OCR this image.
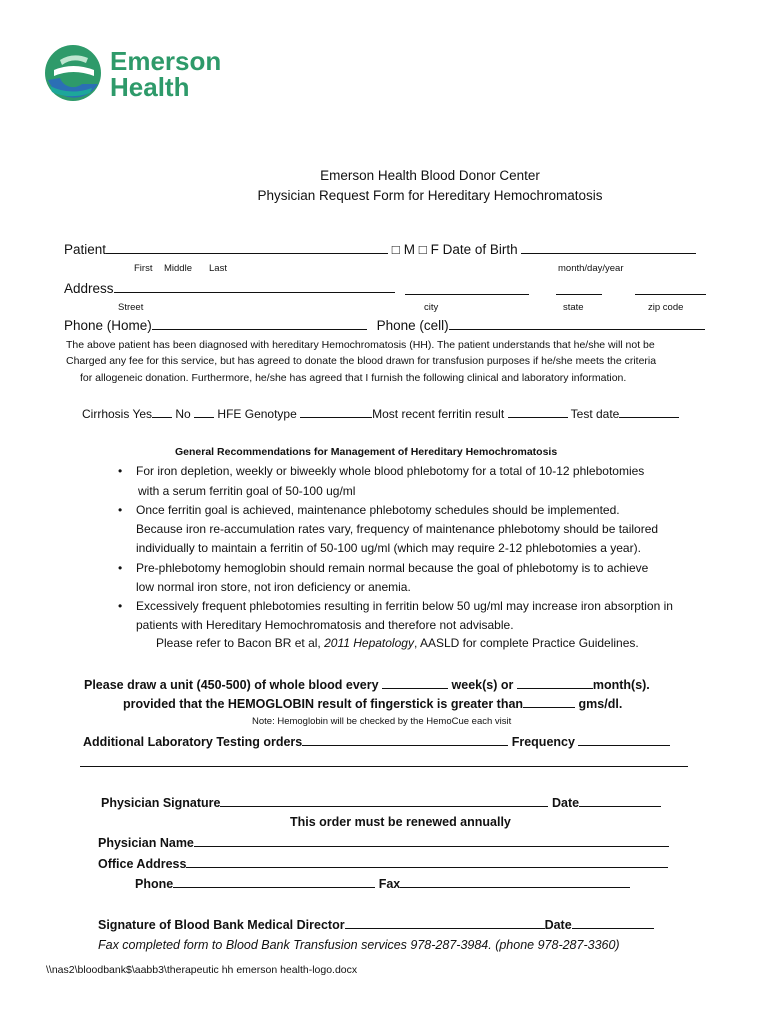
Emerson
Health
Emerson Health Blood Donor Center
Physician Request Form for Hereditary Hemochromatosis
Patient	□ M □ F Date of Birth
First Middle Last	month/day/year
Address
Street	city	state	zip code
Phone (Home)	Phone (cell)
The above patient has been diagnosed with hereditary Hemochromatosis (HH). The patient understands that he/she will not be
Charged any fee for this service, but has agreed to donate the blood drawn for transfusion purposes if he/she meets the criteria
for allogeneic donation. Furthermore, he/she has agreed that I furnish the following clinical and laboratory information.
Cirrhosis Yes No HFE Genotype	Most recent ferritin result	Test date
General Recommendations for Management of Hereditary Hemochromatosis
• For iron depletion, weekly or biweekly whole blood phlebotomy for a total of 10-12 phlebotomies
with a serum ferritin goal of 50-100 ug/ml
• Once ferritin goal is achieved, maintenance phlebotomy schedules should be implemented.
Because iron re-accumulation rates vary, frequency of maintenance phlebotomy should be tailored
individually to maintain a ferritin of 50-100 ug/ml (which may require 2-12 phlebotomies a year).
• Pre-phlebotomy hemoglobin should remain normal because the goal of phlebotomy is to achieve
low normal iron store, not iron deficiency or anemia.
• Excessively frequent phlebotomies resulting in ferritin below 50 ug/ml may increase iron absorption in
patients with Hereditary Hemochromatosis and therefore not advisable.
Please refer to Bacon BR et al, 2011 Hepatology, AASLD for complete Practice Guidelines.
Please draw a unit (450-500) of whole blood every	week(s) or	month(s).
provided that the HEMOGLOBIN result of fingerstick is greater than	gms/dl.
Note: Hemoglobin will be checked by the HemoCue each visit
Additional Laboratory Testing orders	Frequency
Physician Signature	Date
This order must be renewed annually
Physician Name
Office Address
Phone	Fax
Signature of Blood Bank Medical Director	Date
Fax completed form to Blood Bank Transfusion services 978-287-3984. (phone 978-287-3360)
\\nas2\bloodbank$\aabb3\therapeutic hh emerson health-logo.docx
